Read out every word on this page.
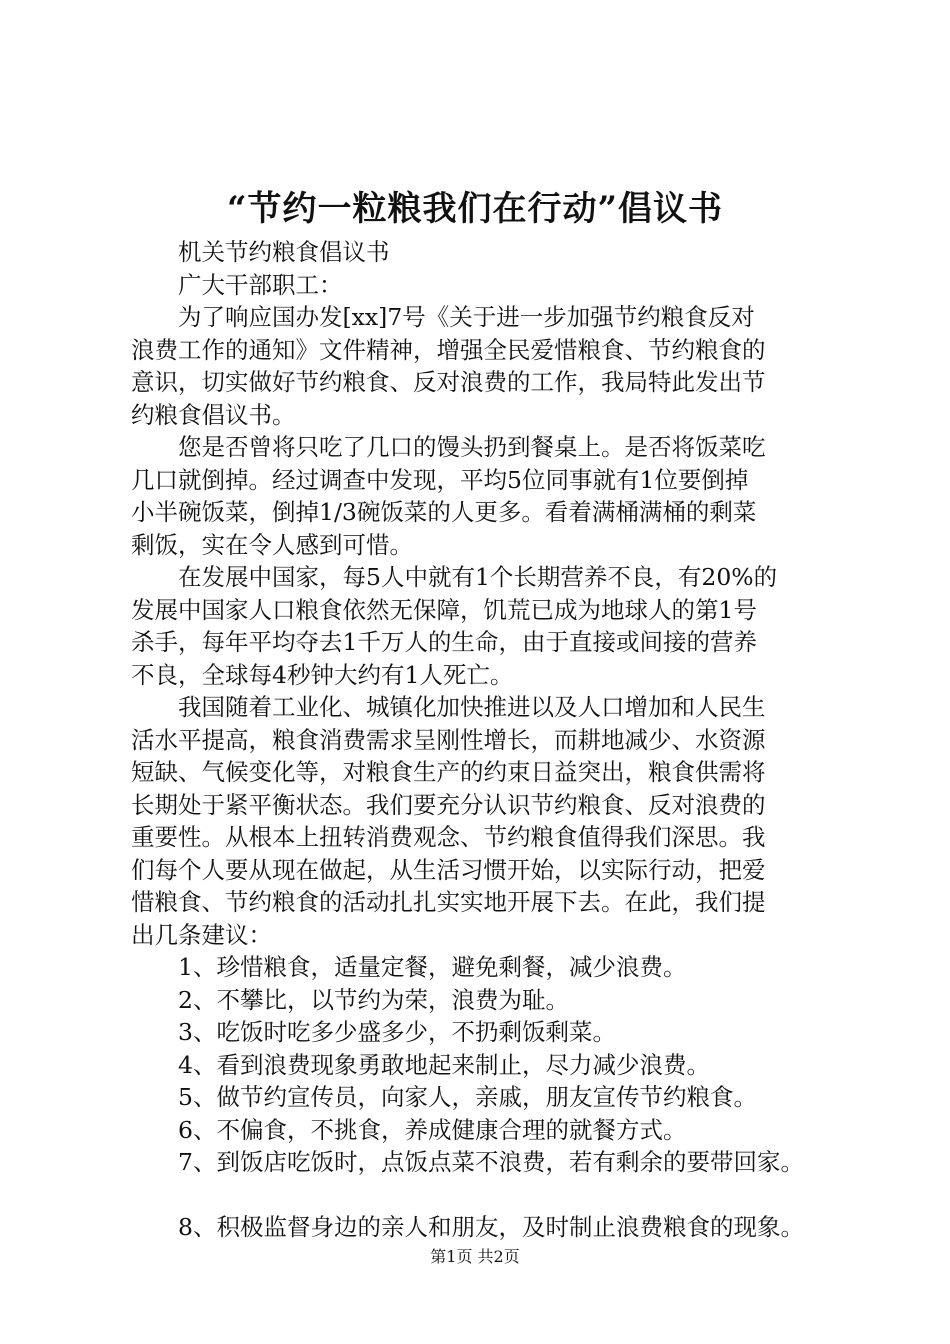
“节约一粒粮我们在行动”倡议书
机关节约粮食倡议书
广大干部职工：
为了响应国办发[xx]7号《关于进一步加强节约粮食反对
浪费工作的通知》文件精神，增强全民爱惜粮食、节约粮食的
意识，切实做好节约粮食、反对浪费的工作，我局特此发出节
约粮食倡议书。
您是否曾将只吃了几口的馒头扔到餐桌上。是否将饭菜吃
几口就倒掉。经过调查中发现，平均5位同事就有1位要倒掉
小半碗饭菜，倒掉1/3碗饭菜的人更多。看着满桶满桶的剩菜
剩饭，实在令人感到可惜。
在发展中国家，每5人中就有1个长期营养不良，有20%的
发展中国家人口粮食依然无保障，饥荒已成为地球人的第1号
杀手，每年平均夺去1千万人的生命，由于直接或间接的营养
不良，全球每4秒钟大约有1人死亡。
我国随着工业化、城镇化加快推进以及人口增加和人民生
活水平提高，粮食消费需求呈刚性增长，而耕地减少、水资源
短缺、气候变化等，对粮食生产的约束日益突出，粮食供需将
长期处于紧平衡状态。我们要充分认识节约粮食、反对浪费的
重要性。从根本上扭转消费观念、节约粮食值得我们深思。我
们每个人要从现在做起，从生活习惯开始，以实际行动，把爱
惜粮食、节约粮食的活动扎扎实实地开展下去。在此，我们提
出几条建议：
1、珍惜粮食，适量定餐，避免剩餐，减少浪费。
2、不攀比，以节约为荣，浪费为耻。
3、吃饭时吃多少盛多少，不扔剩饭剩菜。
4、看到浪费现象勇敢地起来制止，尽力减少浪费。
5、做节约宣传员，向家人，亲戚，朋友宣传节约粮食。
6、不偏食，不挑食，养成健康合理的就餐方式。
7、到饭店吃饭时，点饭点菜不浪费，若有剩余的要带回家。
8、积极监督身边的亲人和朋友，及时制止浪费粮食的现象。
第1页 共2页
